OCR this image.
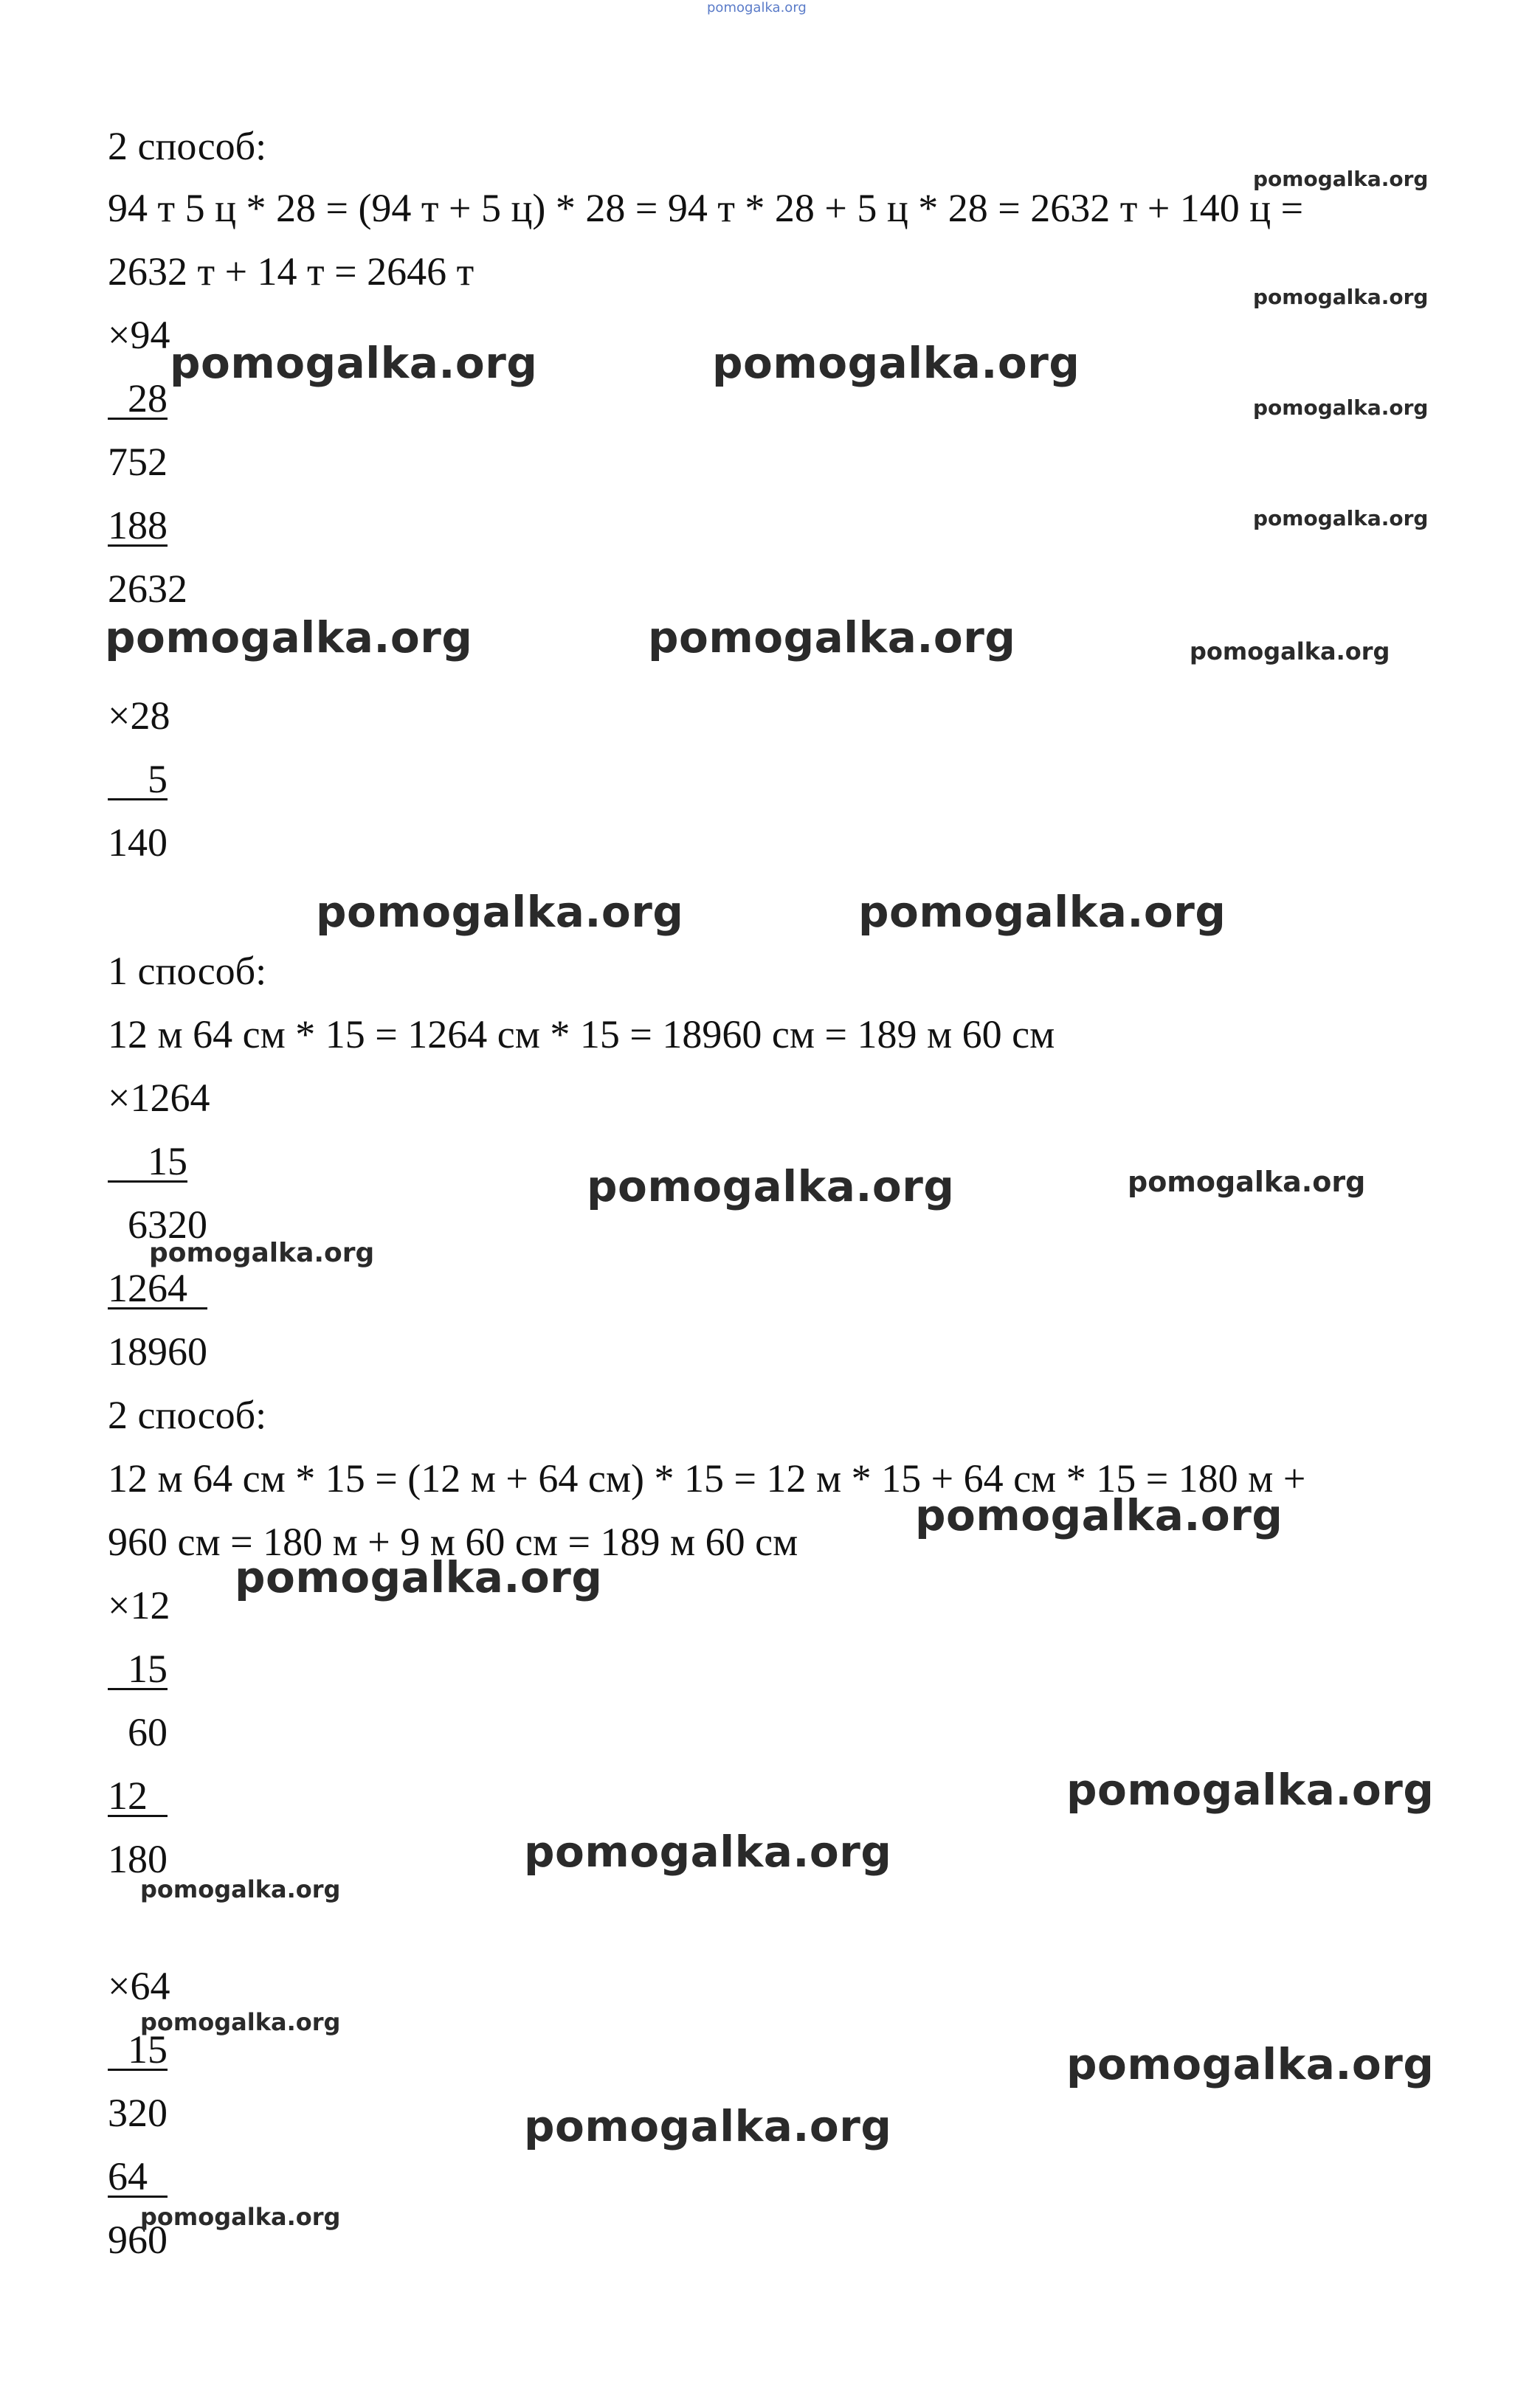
pomogalka.org
2 способ:
94 т 5 ц * 28 = (94 т + 5 ц) * 28 = 94 т * 28 + 5 ц * 28 = 2632 т + 140 ц =
2632 т + 14 т = 2646 т
×94
28
752
188
2632
×28
5
140
1 способ:
12 м 64 см * 15 = 1264 см * 15 = 18960 см = 189 м 60 см
×1264
15
6320
1264
18960
2 способ:
12 м 64 см * 15 = (12 м + 64 см) * 15 = 12 м * 15 + 64 см * 15 = 180 м +
960 см = 180 м + 9 м 60 см = 189 м 60 см
×12
15
60
12
180
×64
15
320
64
960
pomogalka.org	pomogalka.org
pomogalka.org	pomogalka.org
pomogalka.org	pomogalka.org
pomogalka.org
pomogalka.org
pomogalka.org
pomogalka.org
pomogalka.org
pomogalka.org
pomogalka.org
pomogalka.org
pomogalka.org
pomogalka.org
pomogalka.org
pomogalka.org
pomogalka.org
pomogalka.org
pomogalka.org
pomogalka.org
pomogalka.org
